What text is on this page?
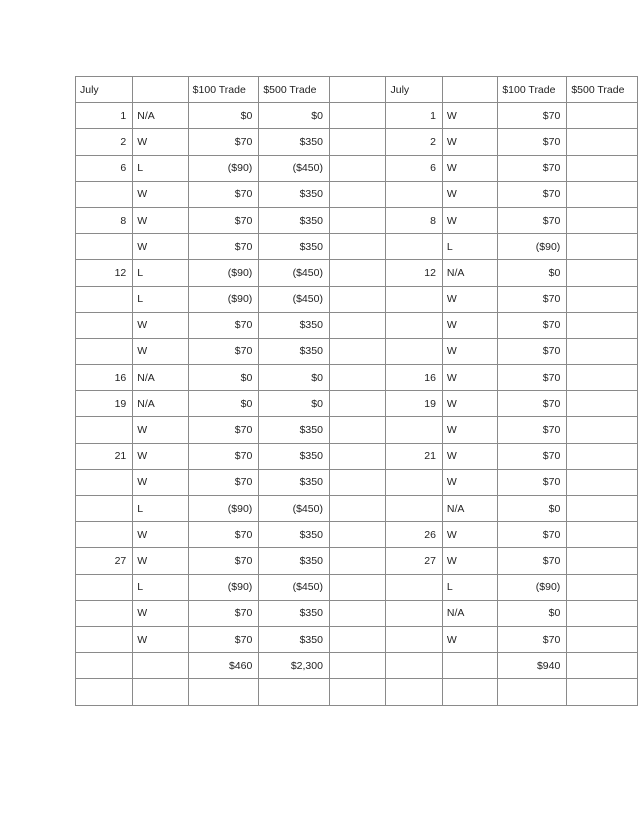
July		$100 Trade	$500 Trade		July		$100 Trade	$500 Trade
1	N/A	$0	$0		1	W	$70	
2	W	$70	$350		2	W	$70	
6	L	($90)	($450)		6	W	$70	
	W	$70	$350			W	$70	
8	W	$70	$350		8	W	$70	
	W	$70	$350			L	($90)	
12	L	($90)	($450)		12	N/A	$0	
	L	($90)	($450)			W	$70	
	W	$70	$350			W	$70	
	W	$70	$350			W	$70	
16	N/A	$0	$0		16	W	$70	
19	N/A	$0	$0		19	W	$70	
	W	$70	$350			W	$70	
21	W	$70	$350		21	W	$70	
	W	$70	$350			W	$70	
	L	($90)	($450)			N/A	$0	
	W	$70	$350		26	W	$70	
27	W	$70	$350		27	W	$70	
	L	($90)	($450)			L	($90)	
	W	$70	$350			N/A	$0	
	W	$70	$350			W	$70	
		$460	$2,300				$940	
